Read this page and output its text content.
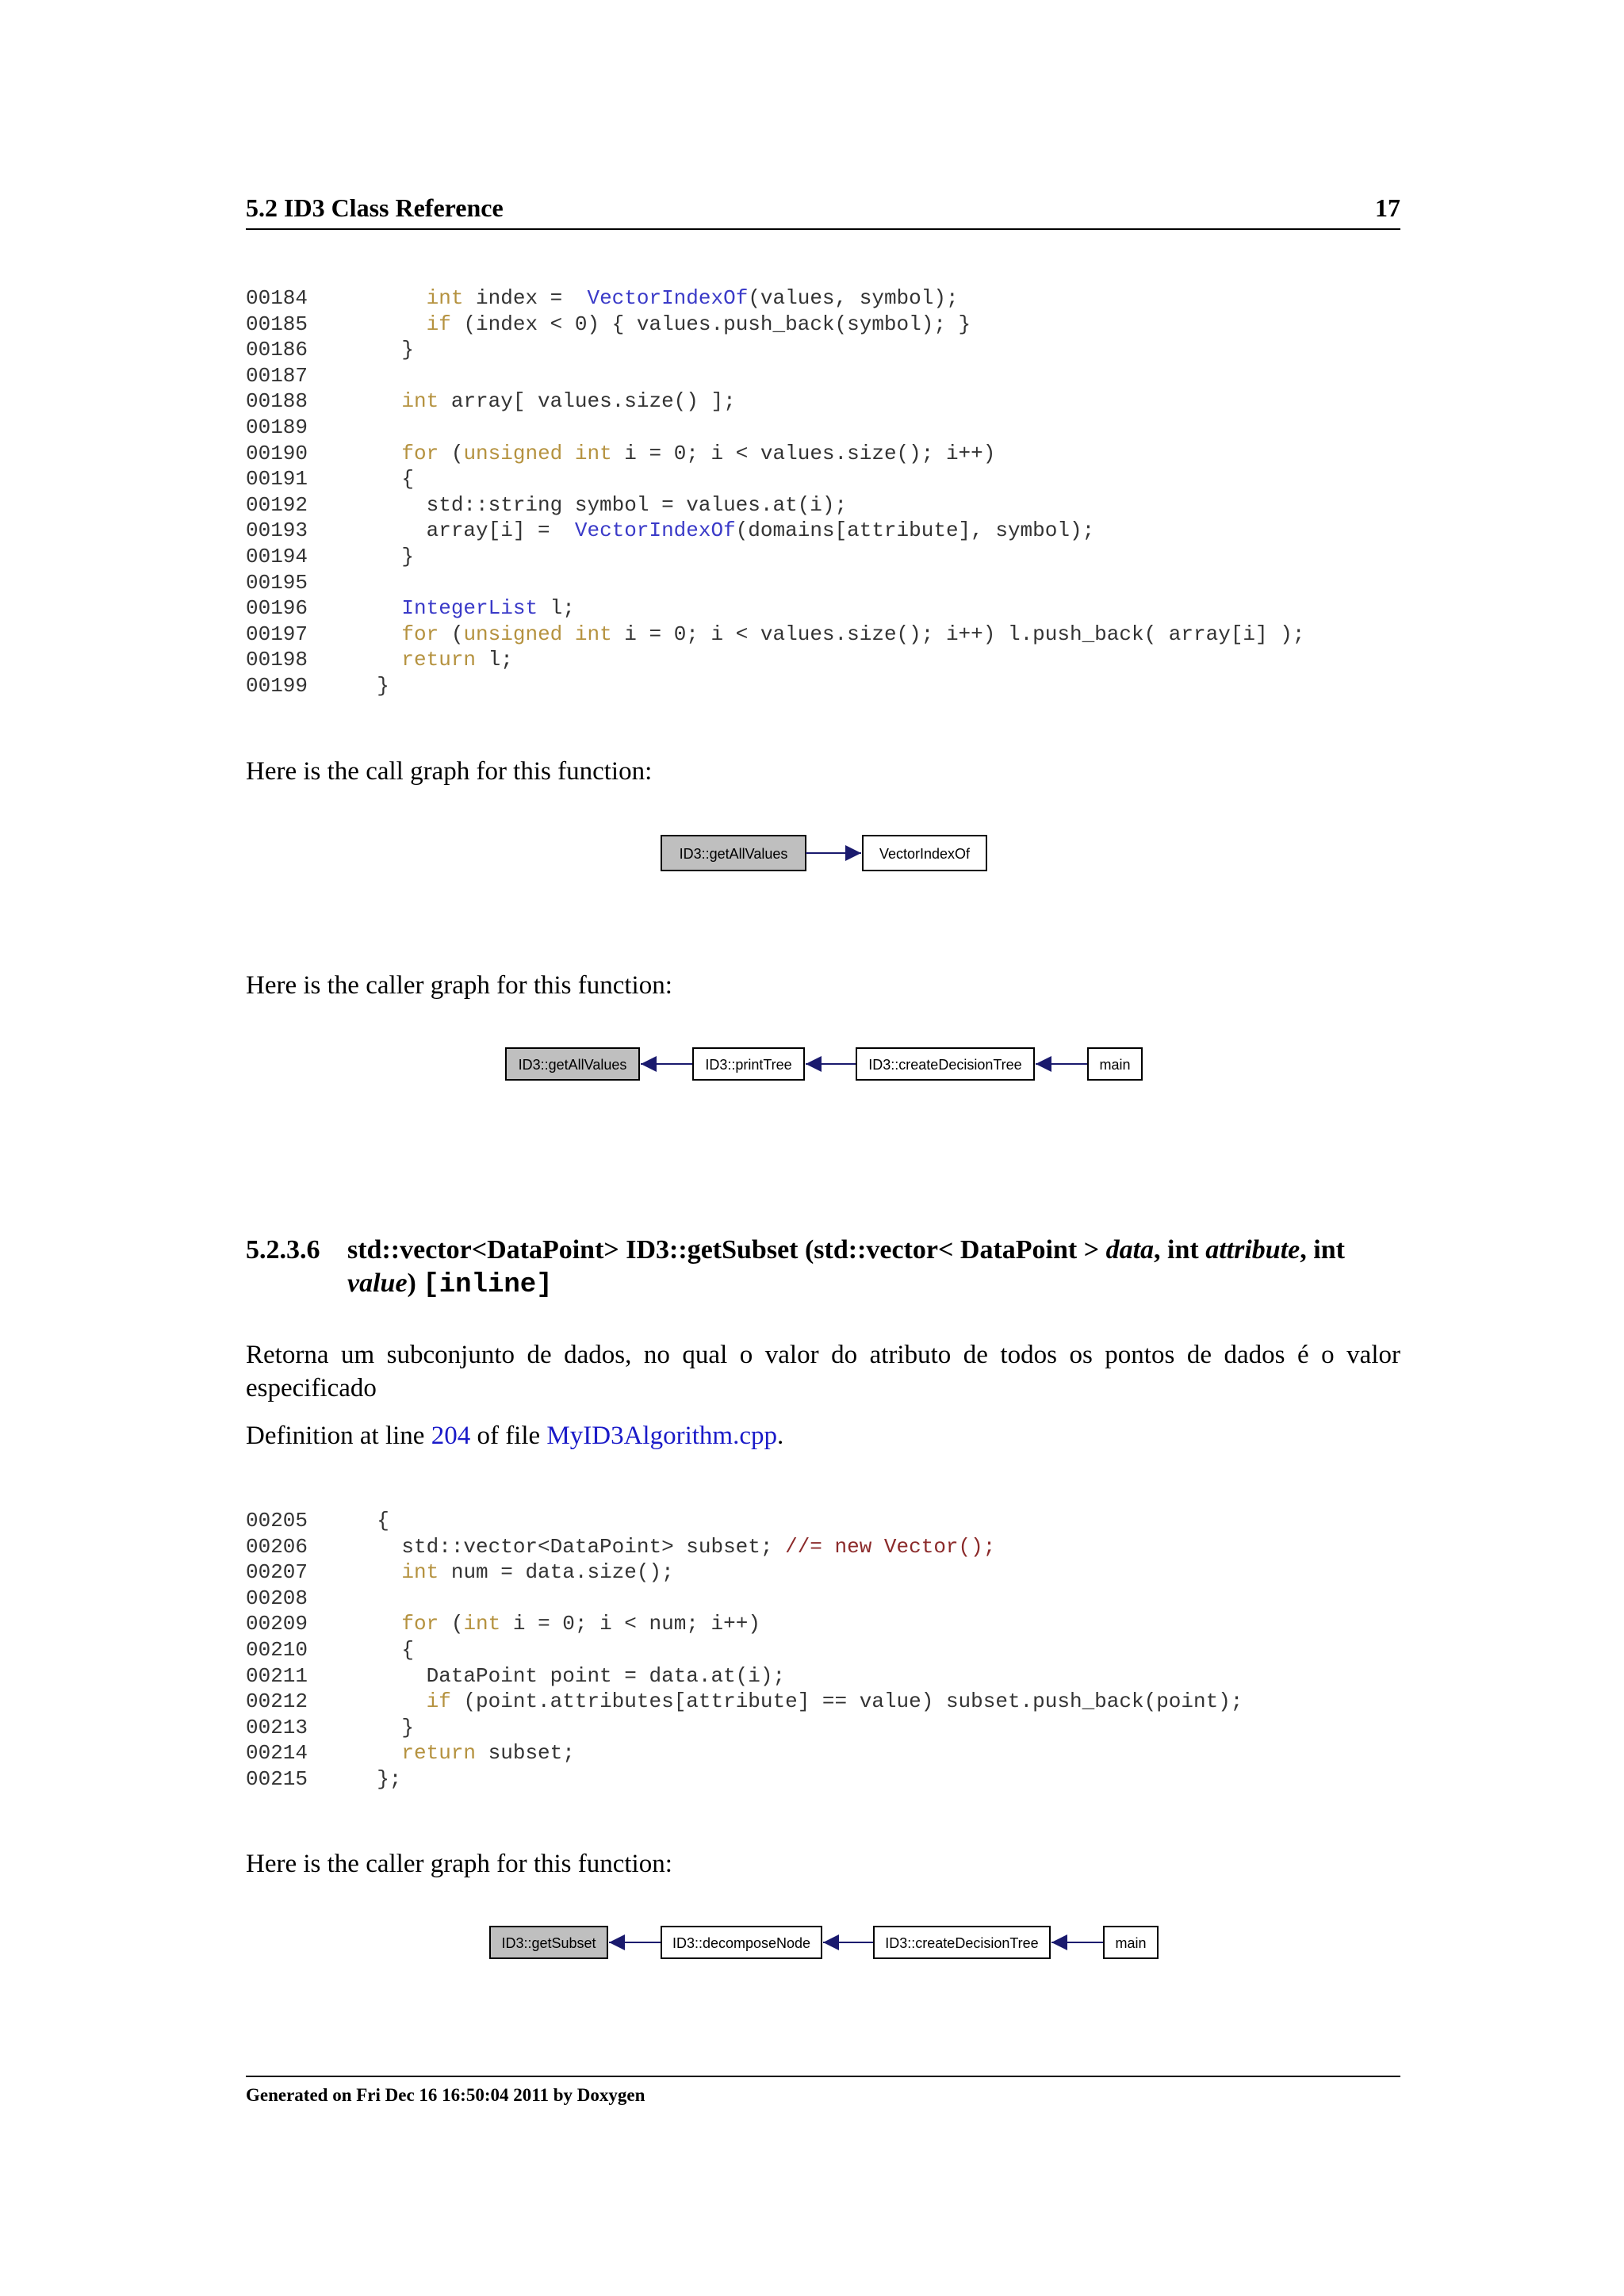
5.2 ID3 Class Reference	17
00184	int index =  VectorIndexOf(values, symbol);
00185	if (index < 0) { values.push_back(symbol); }
00186    }
00187
00188	int array[ values.size() ];
00189
00190	for (unsigned int i = 0; i < values.size(); i++)
00191    {
00192      std::string symbol = values.at(i);
00193      array[i] =  VectorIndexOf(domains[attribute], symbol);
00194    }
00195
00196	IntegerList l;
00197	for (unsigned int i = 0; i < values.size(); i++) l.push_back( array[i] );
00198	return l;
00199  }
Here is the call graph for this function:
ID3::getAllValues	VectorIndexOf
ID3::getAllValues	ID3::printTree	ID3::createDecisionTree	main
ID3::getSubset	ID3::decomposeNode	ID3::createDecisionTree	main
Here is the caller graph for this function:
5.2.3.6 std::vector<DataPoint> ID3::getSubset (std::vector< DataPoint > data, int attribute, int value) [inline]
Retorna um subconjunto de dados, no qual o valor do atributo de todos os pontos de dados é o valor especificado
Definition at line 204 of file MyID3Algorithm.cpp.
00205  {
00206    std::vector<DataPoint> subset; //= new Vector();
00207	int num = data.size();
00208
00209	for (int i = 0; i < num; i++)
00210    {
00211      DataPoint point = data.at(i);
00212	if (point.attributes[attribute] == value) subset.push_back(point);
00213    }
00214	return subset;
00215  };
Here is the caller graph for this function:
Generated on Fri Dec 16 16:50:04 2011 by Doxygen
